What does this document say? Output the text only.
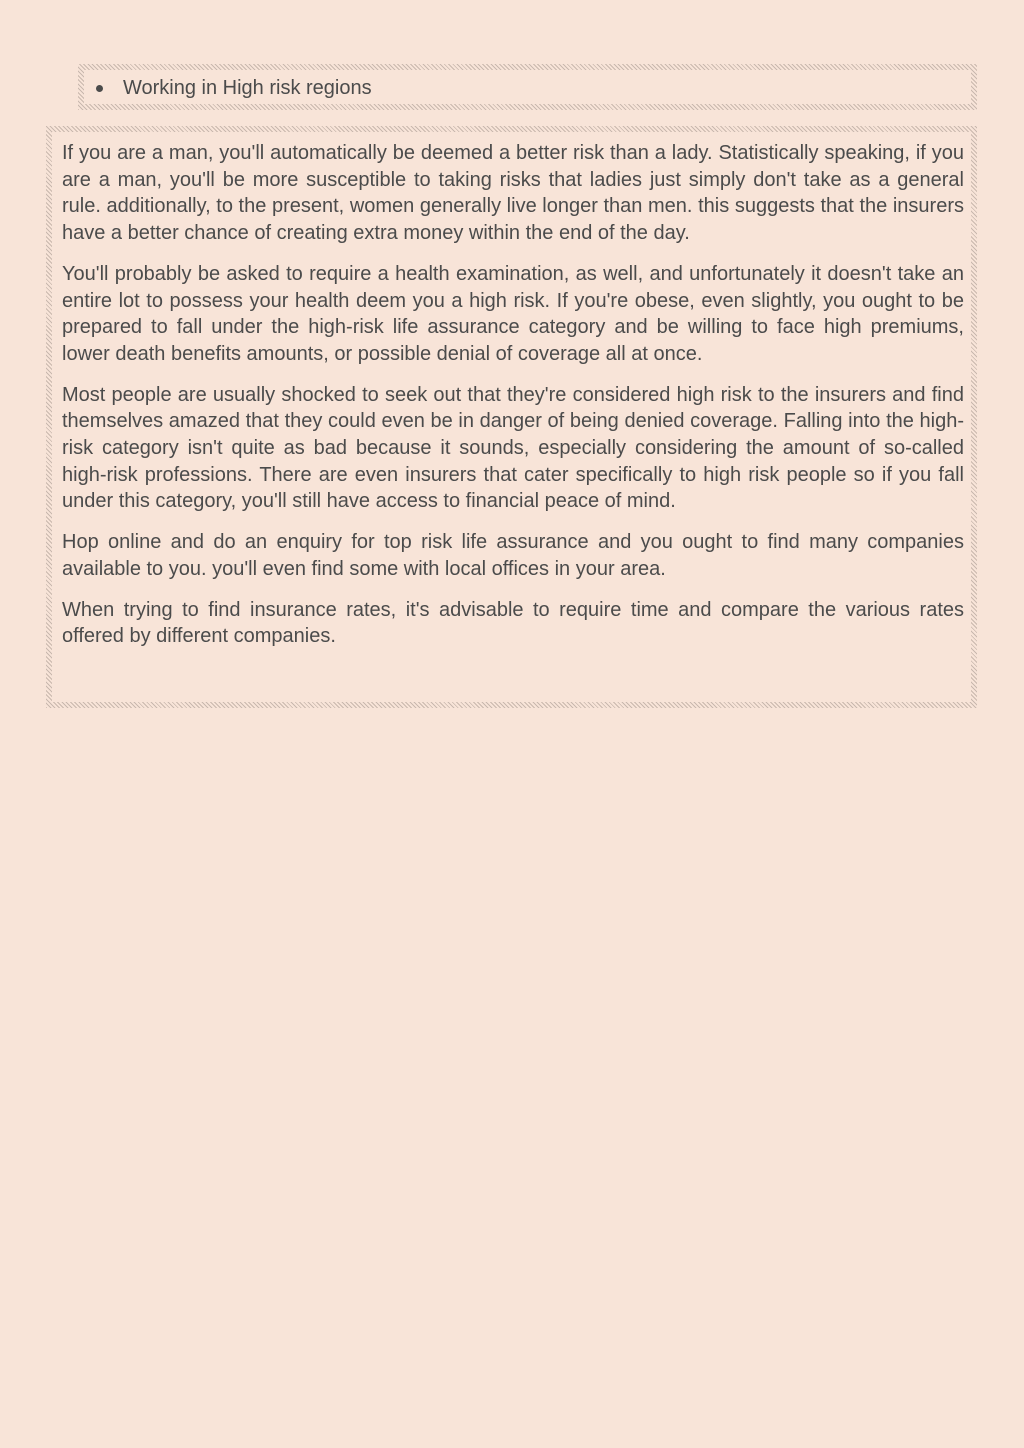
Working in High risk regions

If you are a man, you'll automatically be deemed a better risk than a lady. Statistically speaking, if you are a man, you'll be more susceptible to taking risks that ladies just simply don't take as a general rule. additionally, to the present, women generally live longer than men. this suggests that the insurers have a better chance of creating extra money within the end of the day.

You'll probably be asked to require a health examination, as well, and unfortunately it doesn't take an entire lot to possess your health deem you a high risk. If you're obese, even slightly, you ought to be prepared to fall under the high-risk life assurance category and be willing to face high premiums, lower death benefits amounts, or possible denial of coverage all at once.

Most people are usually shocked to seek out that they're considered high risk to the insurers and find themselves amazed that they could even be in danger of being denied coverage. Falling into the high-risk category isn't quite as bad because it sounds, especially considering the amount of so-called high-risk professions. There are even insurers that cater specifically to high risk people so if you fall under this category, you'll still have access to financial peace of mind.

Hop online and do an enquiry for top risk life assurance and you ought to find many companies available to you. you'll even find some with local offices in your area.

When trying to find insurance rates, it's advisable to require time and compare the various rates offered by different companies.
